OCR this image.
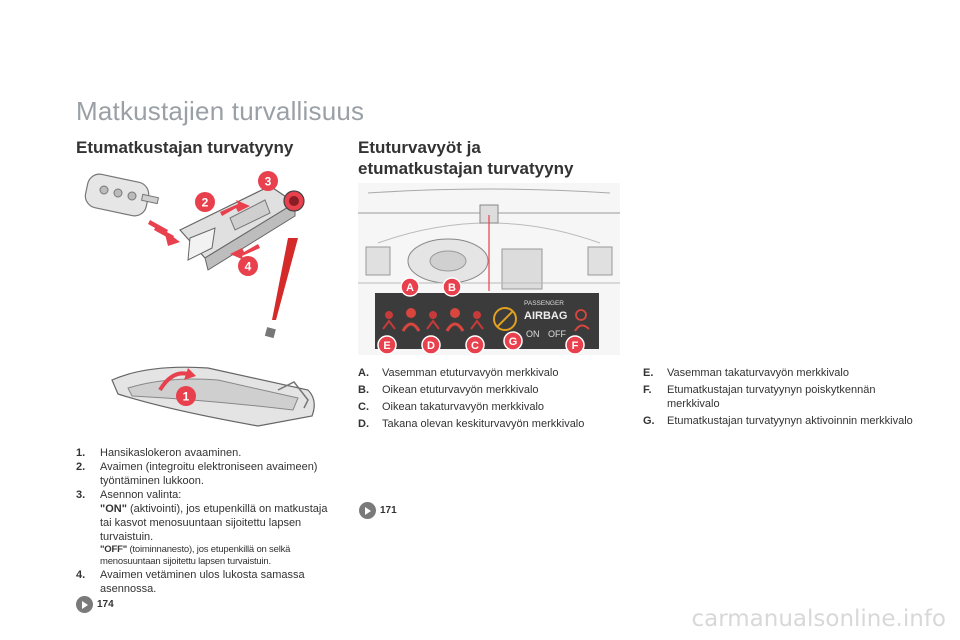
Matkustajien turvallisuus
Etumatkustajan turvatyyny	Etuturvavyöt ja
etumatkustajan turvatyyny
2
3
4
1
PASSENGER
AIRBAG
ON OFF
A	B
E	D	C	G	F
1.	Hansikaslokeron avaaminen.
2.	Avaimen (integroitu elektroniseen avaimeen) työntäminen lukkoon.
3.	Asennon valinta:
"ON" (aktivointi), jos etupenkillä on matkustaja tai kasvot menosuuntaan sijoitettu lapsen turvaistuin.
"OFF" (toiminnanesto), jos etupenkillä on selkä menosuuntaan sijoitettu lapsen turvaistuin.
4.	Avaimen vetäminen ulos lukosta samassa asennossa.
A.	Vasemman etuturvavyön merkkivalo
B.	Oikean etuturvavyön merkkivalo
C.	Oikean takaturvavyön merkkivalo
D.	Takana olevan keskiturvavyön merkkivalo
E.	Vasemman takaturvavyön merkkivalo
F.	Etumatkustajan turvatyynyn poiskytkennän merkkivalo
G.	Etumatkustajan turvatyynyn aktivoinnin merkkivalo
171
174
carmanualsonline.info
